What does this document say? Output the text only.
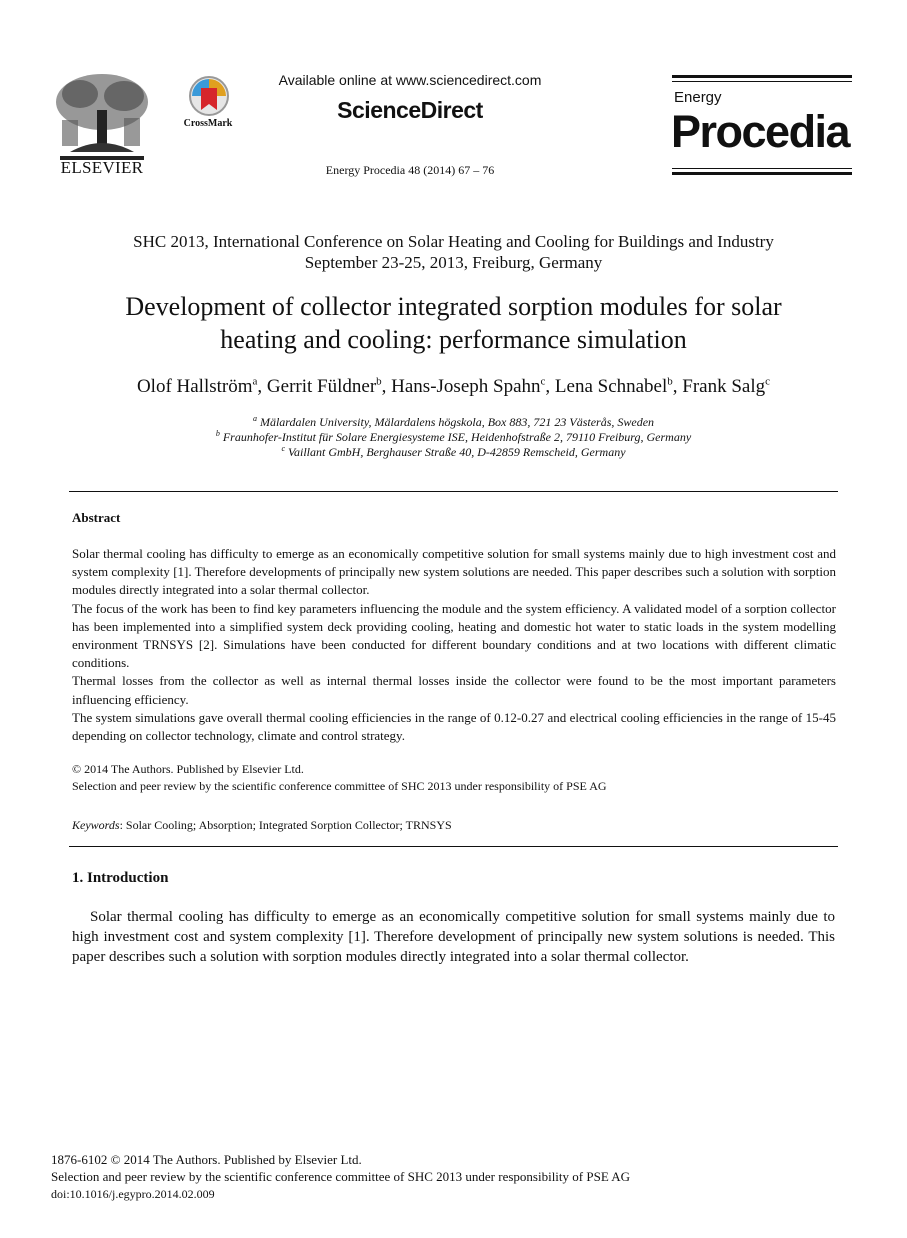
ELSEVIER
CrossMark
Available online at www.sciencedirect.com
ScienceDirect
Energy Procedia 48 (2014) 67 – 76
Energy
Procedia
SHC 2013, International Conference on Solar Heating and Cooling for Buildings and Industry
September 23-25, 2013, Freiburg, Germany
Development of collector integrated sorption modules for solar
heating and cooling: performance simulation
Olof Hallström$^a$, Gerrit Füldner$^b$, Hans-Joseph Spahn$^c$, Lena Schnabel$^b$, Frank Salg$^c$
$^a$ Mälardalen University, Mälardalens högskola, Box 883, 721 23 Västerås, Sweden
$^b$ Fraunhofer-Institut für Solare Energiesysteme ISE, Heidenhofstraße 2, 79110 Freiburg, Germany
$^c$ Vaillant GmbH, Berghauser Straße 40, D-42859 Remscheid, Germany
Abstract

Solar thermal cooling has difficulty to emerge as an economically competitive solution for small systems mainly due to high investment cost and system complexity [1]. Therefore developments of principally new system solutions are needed. This paper describes such a solution with sorption modules directly integrated into a solar thermal collector.

The focus of the work has been to find key parameters influencing the module and the system efficiency. A validated model of a sorption collector has been implemented into a simplified system deck providing cooling, heating and domestic hot water to static loads in the system modelling environment TRNSYS [2]. Simulations have been conducted for different boundary conditions and at two locations with different climatic conditions.

Thermal losses from the collector as well as internal thermal losses inside the collector were found to be the most important parameters influencing efficiency.

The system simulations gave overall thermal cooling efficiencies in the range of 0.12-0.27 and electrical cooling efficiencies in the range of 15-45 depending on collector technology, climate and control strategy.

© 2014 The Authors. Published by Elsevier Ltd.
Selection and peer review by the scientific conference committee of SHC 2013 under responsibility of PSE AG
Keywords: Solar Cooling; Absorption; Integrated Sorption Collector; TRNSYS
1. Introduction

Solar thermal cooling has difficulty to emerge as an economically competitive solution for small systems mainly due to high investment cost and system complexity [1]. Therefore development of principally new system solutions is needed. This paper describes such a solution with sorption modules directly integrated into a solar thermal collector.

1876-6102 © 2014 The Authors. Published by Elsevier Ltd.
Selection and peer review by the scientific conference committee of SHC 2013 under responsibility of PSE AG
doi:10.1016/j.egypro.2014.02.009
